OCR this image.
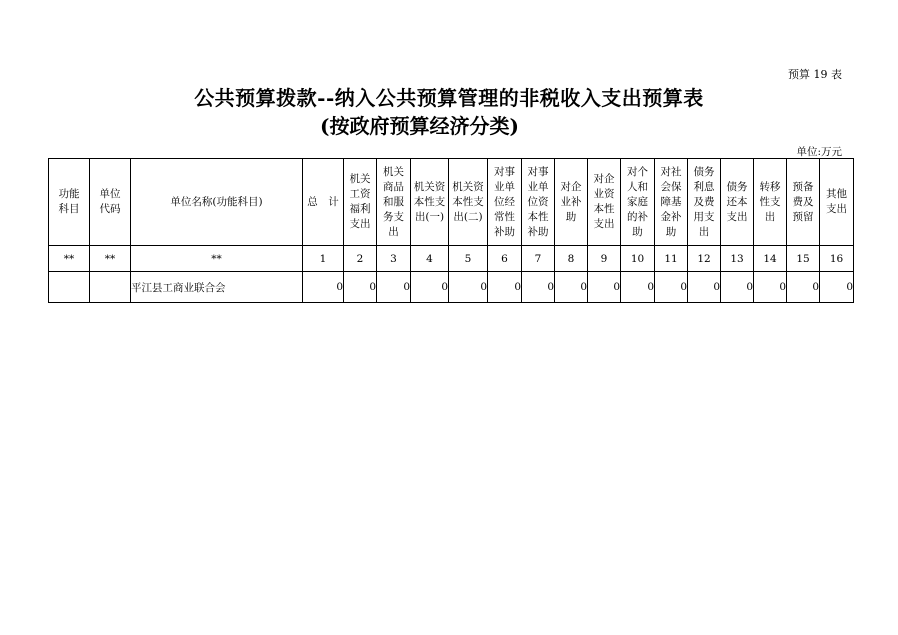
预算 19 表
公共预算拨款--纳入公共预算管理的非税收入支出预算表
(按政府预算经济分类)
单位:万元
功能科目	单位代码	单位名称(功能科目)	总　计	机关工资福利支出	机关商品和服务支出	机关资本性支出(一)	机关资本性支出(二)	对事业单位经常性补助	对事业单位资本性补助	对企业补助	对企业资本性支出	对个人和家庭的补助	对社会保障基金补助	债务利息及费用支出	债务还本支出	转移性支出	预备费及预留	其他支出
**	**	**	1	2	3	4	5	6	7	8	9	10	11	12	13	14	15	16
		平江县工商业联合会	0	0	0	0	0	0	0	0	0	0	0	0	0	0	0	0
